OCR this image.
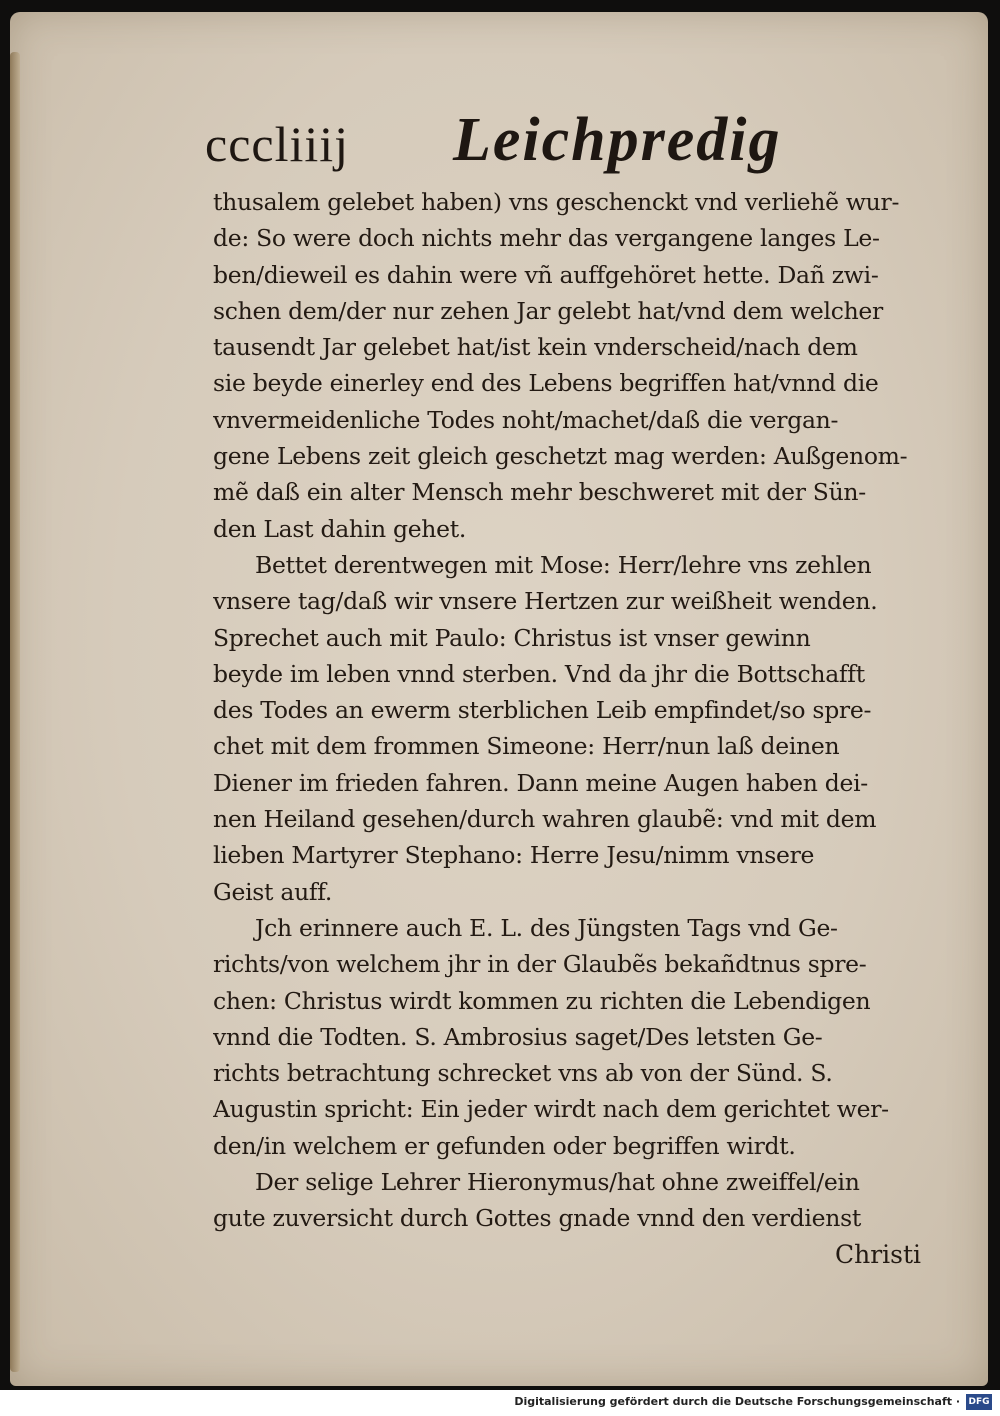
cccliiij Leichpredig
thusalem gelebet haben) vns geschenckt vnd verliehẽ wur-
de: So were doch nichts mehr das vergangene langes Le-
ben/dieweil es dahin were vñ auffgehöret hette. Dañ zwi-
schen dem/der nur zehen Jar gelebt hat/vnd dem welcher
tausendt Jar gelebet hat/ist kein vnderscheid/nach dem
sie beyde einerley end des Lebens begriffen hat/vnnd die
vnvermeidenliche Todes noht/machet/daß die vergan-
gene Lebens zeit gleich geschetzt mag werden: Außgenom-
mẽ daß ein alter Mensch mehr beschweret mit der Sün-
den Last dahin gehet.
Bettet derentwegen mit Mose: Herr/lehre vns zehlen
vnsere tag/daß wir vnsere Hertzen zur weißheit wenden.
Sprechet auch mit Paulo: Christus ist vnser gewinn
beyde im leben vnnd sterben. Vnd da jhr die Bottschafft
des Todes an ewerm sterblichen Leib empfindet/so spre-
chet mit dem frommen Simeone: Herr/nun laß deinen
Diener im frieden fahren. Dann meine Augen haben dei-
nen Heiland gesehen/durch wahren glaubẽ: vnd mit dem
lieben Martyrer Stephano: Herre Jesu/nimm vnsere
Geist auff.
Jch erinnere auch E. L. des Jüngsten Tags vnd Ge-
richts/von welchem jhr in der Glaubẽs bekañdtnus spre-
chen: Christus wirdt kommen zu richten die Lebendigen
vnnd die Todten. S. Ambrosius saget/Des letsten Ge-
richts betrachtung schrecket vns ab von der Sünd. S.
Augustin spricht: Ein jeder wirdt nach dem gerichtet wer-
den/in welchem er gefunden oder begriffen wirdt.
Der selige Lehrer Hieronymus/hat ohne zweiffel/ein
gute zuversicht durch Gottes gnade vnnd den verdienst
Christi
Digitalisierung gefördert durch die Deutsche Forschungsgemeinschaft · DFG
